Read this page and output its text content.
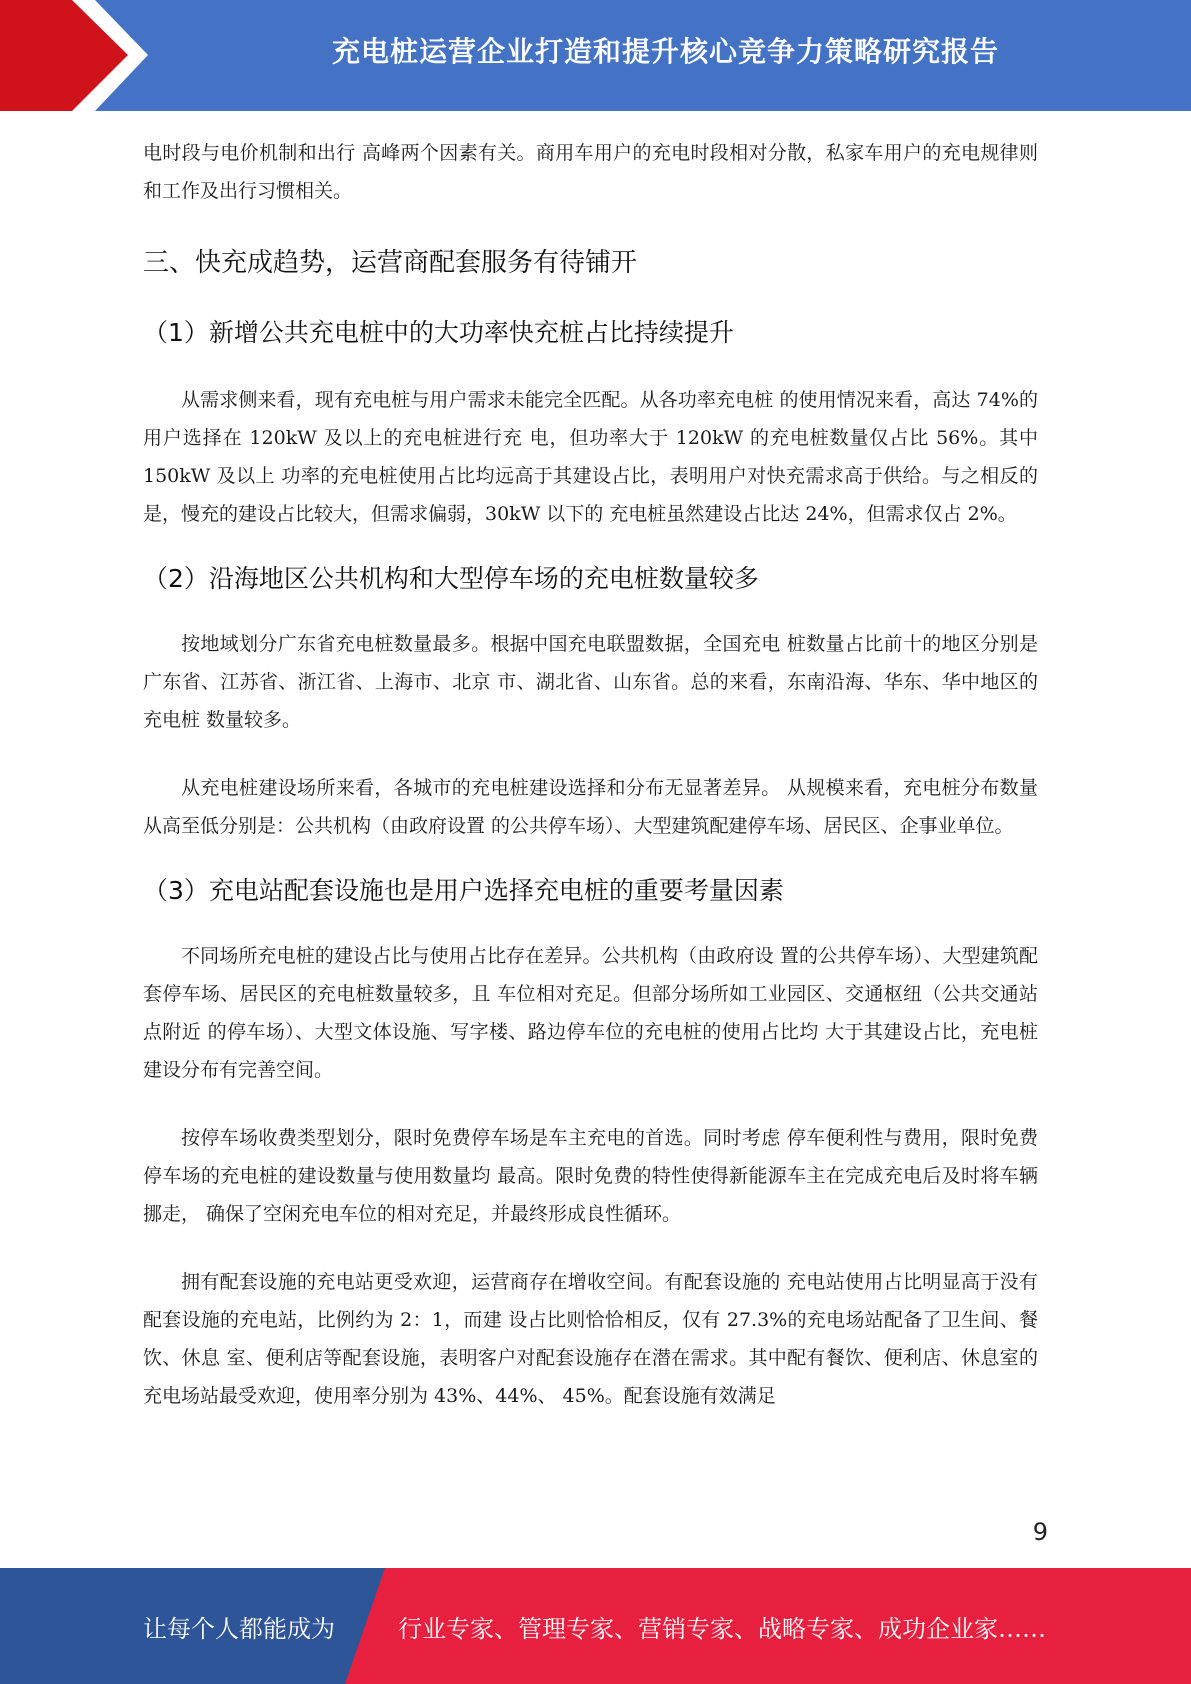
充电桩运营企业打造和提升核心竞争力策略研究报告

电时段与电价机制和出行 高峰两个因素有关。商用车用户的充电时段相对分散，私家车用户的充电规律则和工作及出行习惯相关。

三、快充成趋势，运营商配套服务有待铺开
（1）新增公共充电桩中的大功率快充桩占比持续提升

从需求侧来看，现有充电桩与用户需求未能完全匹配。从各功率充电桩 的使用情况来看，高达 74%的用户选择在 120kW 及以上的充电桩进行充 电，但功率大于 120kW 的充电桩数量仅占比 56%。其中 150kW 及以上 功率的充电桩使用占比均远高于其建设占比，表明用户对快充需求高于供给。与之相反的是，慢充的建设占比较大，但需求偏弱，30kW 以下的 充电桩虽然建设占比达 24%，但需求仅占 2%。

（2）沿海地区公共机构和大型停车场的充电桩数量较多

按地域划分广东省充电桩数量最多。根据中国充电联盟数据，全国充电 桩数量占比前十的地区分别是广东省、江苏省、浙江省、上海市、北京 市、湖北省、山东省。总的来看，东南沿海、华东、华中地区的充电桩 数量较多。

从充电桩建设场所来看，各城市的充电桩建设选择和分布无显著差异。 从规模来看，充电桩分布数量从高至低分别是：公共机构（由政府设置 的公共停车场）、大型建筑配建停车场、居民区、企事业单位。

（3）充电站配套设施也是用户选择充电桩的重要考量因素

不同场所充电桩的建设占比与使用占比存在差异。公共机构（由政府设 置的公共停车场）、大型建筑配套停车场、居民区的充电桩数量较多，且 车位相对充足。但部分场所如工业园区、交通枢纽（公共交通站点附近 的停车场）、大型文体设施、写字楼、路边停车位的充电桩的使用占比均 大于其建设占比，充电桩建设分布有完善空间。

按停车场收费类型划分，限时免费停车场是车主充电的首选。同时考虑 停车便利性与费用，限时免费停车场的充电桩的建设数量与使用数量均 最高。限时免费的特性使得新能源车主在完成充电后及时将车辆挪走， 确保了空闲充电车位的相对充足，并最终形成良性循环。

拥有配套设施的充电站更受欢迎，运营商存在增收空间。有配套设施的 充电站使用占比明显高于没有配套设施的充电站，比例约为 2：1，而建 设占比则恰恰相反，仅有 27.3%的充电场站配备了卫生间、餐饮、休息 室、便利店等配套设施，表明客户对配套设施存在潜在需求。其中配有餐饮、便利店、休息室的充电场站最受欢迎，使用率分别为 43%、44%、 45%。配套设施有效满足

9
让每个人都能成为	行业专家、管理专家、营销专家、战略专家、成功企业家……
